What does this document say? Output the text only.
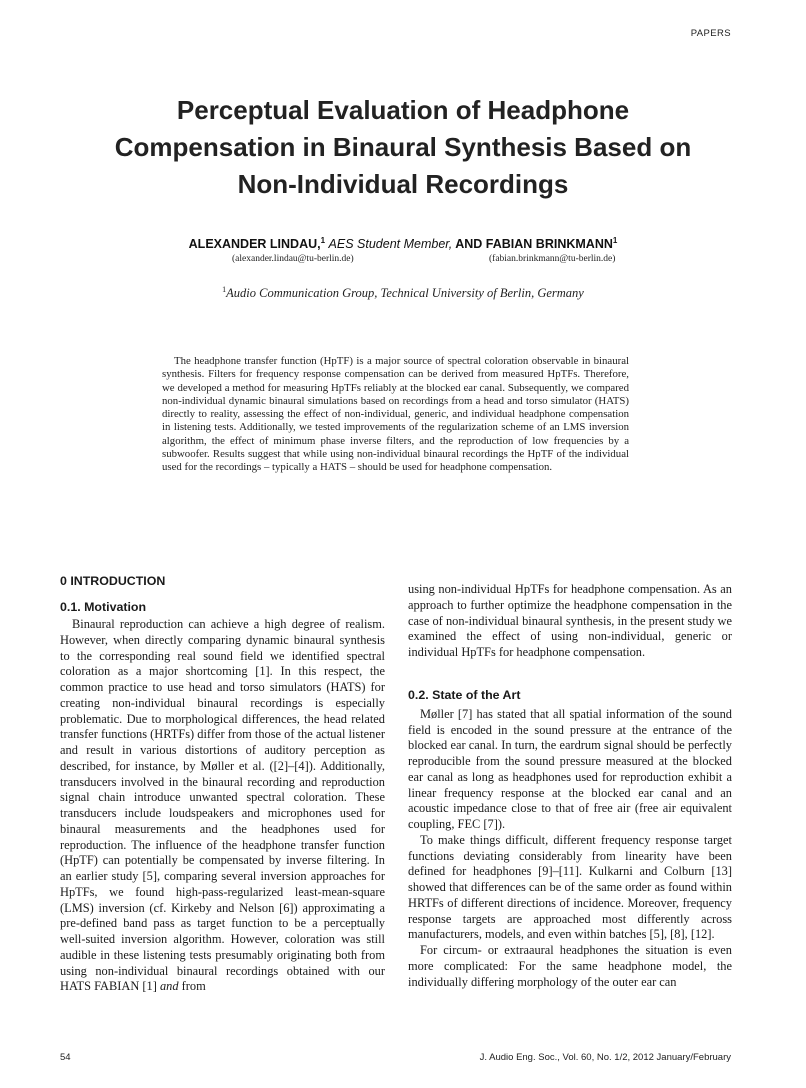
PAPERS
Perceptual Evaluation of Headphone
Compensation in Binaural Synthesis Based on
Non-Individual Recordings
ALEXANDER LINDAU,$^1$ AES Student Member, AND FABIAN BRINKMANN$^1$
(alexander.lindau@tu-berlin.de)	(fabian.brinkmann@tu-berlin.de)
$^1$Audio Communication Group, Technical University of Berlin, Germany

The headphone transfer function (HpTF) is a major source of spectral coloration observable in binaural synthesis. Filters for frequency response compensation can be derived from measured HpTFs. Therefore, we developed a method for measuring HpTFs reliably at the blocked ear canal. Subsequently, we compared non-individual dynamic binaural simulations based on recordings from a head and torso simulator (HATS) directly to reality, assessing the effect of non-individual, generic, and individual headphone compensation in listening tests. Additionally, we tested improvements of the regularization scheme of an LMS inversion algorithm, the effect of minimum phase inverse filters, and the reproduction of low frequencies by a subwoofer. Results suggest that while using non-individual binaural recordings the HpTF of the individual used for the recordings – typically a HATS – should be used for headphone compensation.

0 INTRODUCTION
0.1. Motivation

Binaural reproduction can achieve a high degree of realism. However, when directly comparing dynamic binaural synthesis to the corresponding real sound field we identified spectral coloration as a major shortcoming [1]. In this respect, the common practice to use head and torso simulators (HATS) for creating non-individual binaural recordings is especially problematic. Due to morphological differences, the head related transfer functions (HRTFs) differ from those of the actual listener and result in various distortions of auditory perception as described, for instance, by Møller et al. ([2]–[4]). Additionally, transducers involved in the binaural recording and reproduction signal chain introduce unwanted spectral coloration. These transducers include loudspeakers and microphones used for binaural measurements and the headphones used for reproduction. The influence of the headphone transfer function (HpTF) can potentially be compensated by inverse filtering. In an earlier study [5], comparing several inversion approaches for HpTFs, we found high-pass-regularized least-mean-square (LMS) inversion (cf. Kirkeby and Nelson [6]) approximating a pre-defined band pass as target function to be a perceptually well-suited inversion algorithm. However, coloration was still audible in these listening tests presumably originating both from using non-individual binaural recordings obtained with our HATS FABIAN [1] and from

using non-individual HpTFs for headphone compensation. As an approach to further optimize the headphone compensation in the case of non-individual binaural synthesis, in the present study we examined the effect of using non-individual, generic or individual HpTFs for headphone compensation.

0.2. State of the Art

Møller [7] has stated that all spatial information of the sound field is encoded in the sound pressure at the entrance of the blocked ear canal. In turn, the eardrum signal should be perfectly reproducible from the sound pressure measured at the blocked ear canal as long as headphones used for reproduction exhibit a linear frequency response at the blocked ear canal and an acoustic impedance close to that of free air (free air equivalent coupling, FEC [7]).

To make things difficult, different frequency response target functions deviating considerably from linearity have been defined for headphones [9]–[11]. Kulkarni and Colburn [13] showed that differences can be of the same order as found within HRTFs of different directions of incidence. Moreover, frequency response targets are approached most differently across manufacturers, models, and even within batches [5], [8], [12].

For circum- or extraaural headphones the situation is even more complicated: For the same headphone model, the individually differing morphology of the outer ear can

54	J. Audio Eng. Soc., Vol. 60, No. 1/2, 2012 January/February
